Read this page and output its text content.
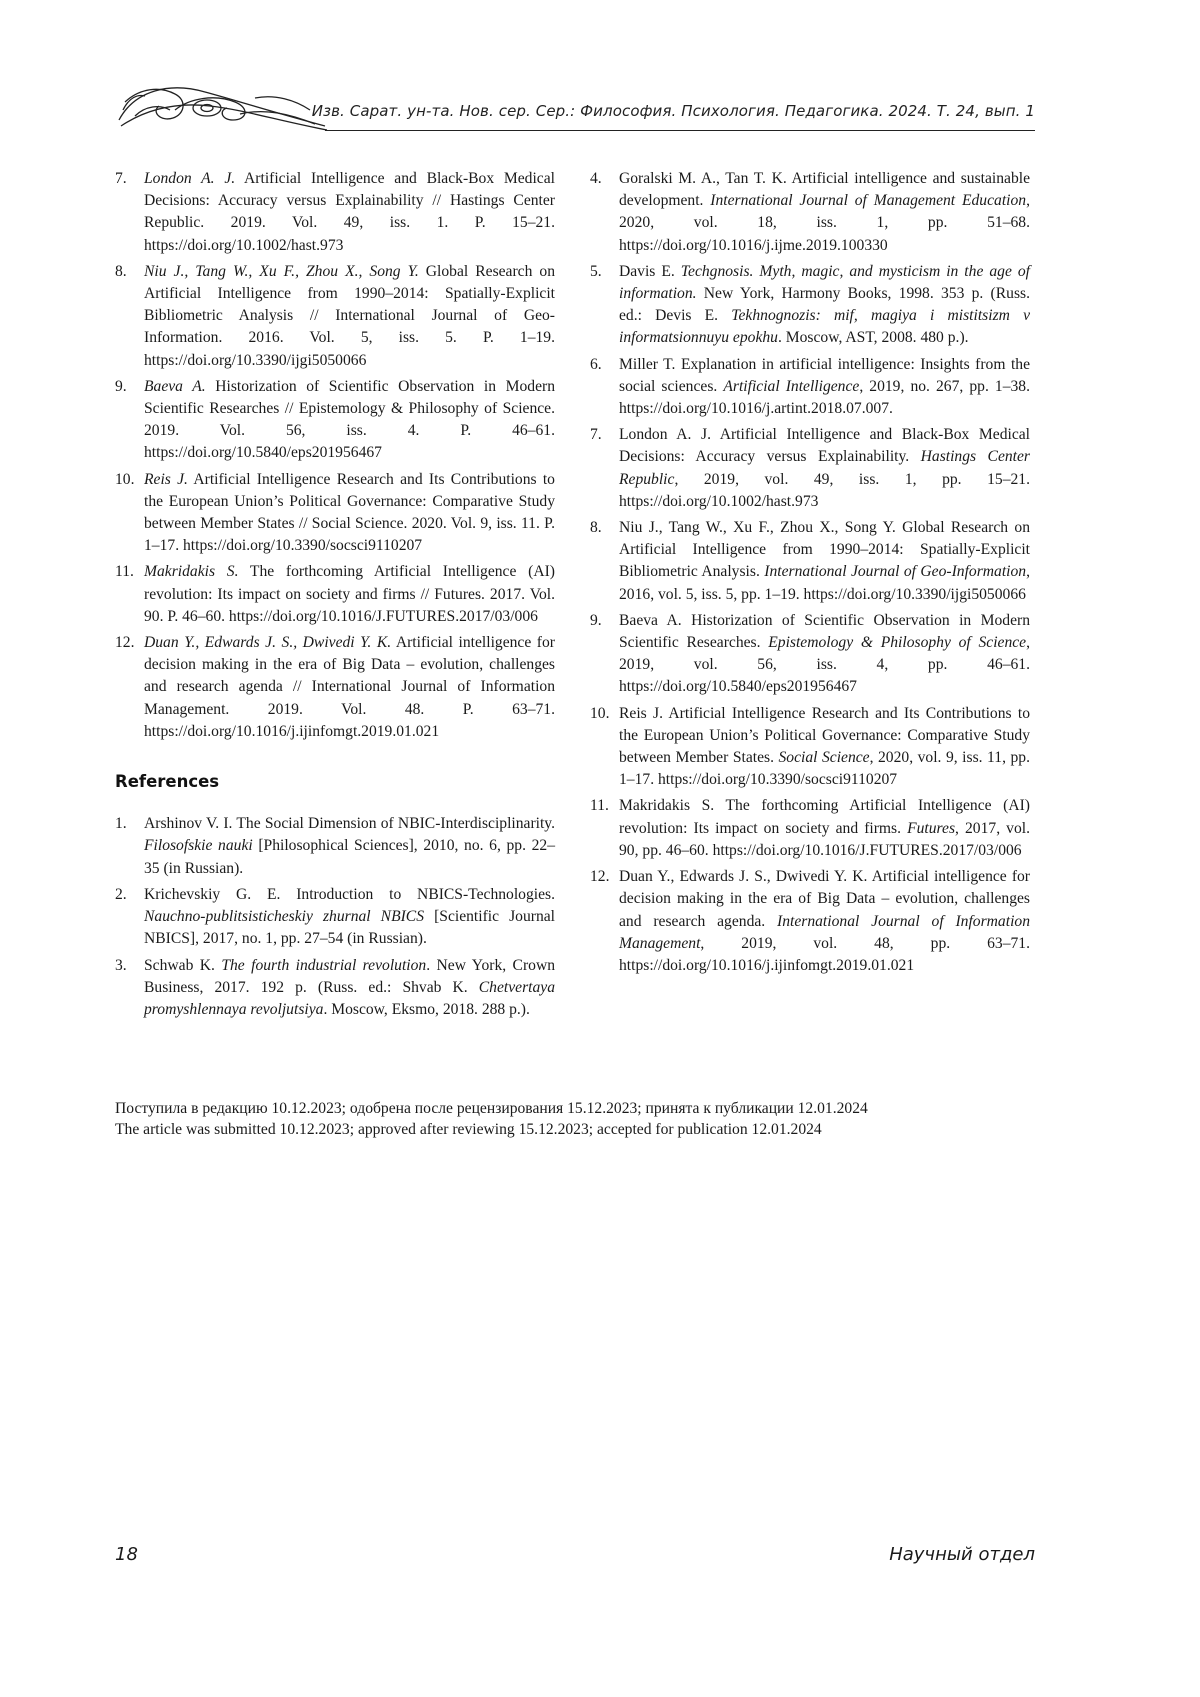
Изв. Сарат. ун-та. Нов. сер. Сер.: Философия. Психология. Педагогика. 2024. Т. 24, вып. 1
7. London A. J. Artificial Intelligence and Black-Box Medical Decisions: Accuracy versus Explainability // Hastings Center Republic. 2019. Vol. 49, iss. 1. P. 15–21. https://doi.org/10.1002/hast.973
8. Niu J., Tang W., Xu F., Zhou X., Song Y. Global Research on Artificial Intelligence from 1990–2014: Spatially-Explicit Bibliometric Analysis // International Journal of Geo-Information. 2016. Vol. 5, iss. 5. P. 1–19. https://doi.org/10.3390/ijgi5050066
9. Baeva A. Historization of Scientific Observation in Modern Scientific Researches // Epistemology & Philosophy of Science. 2019. Vol. 56, iss. 4. P. 46–61. https://doi.org/10.5840/eps201956467
10. Reis J. Artificial Intelligence Research and Its Contributions to the European Union’s Political Governance: Comparative Study between Member States // Social Science. 2020. Vol. 9, iss. 11. P. 1–17. https://doi.org/10.3390/socsci9110207
11. Makridakis S. The forthcoming Artificial Intelligence (AI) revolution: Its impact on society and firms // Futures. 2017. Vol. 90. P. 46–60. https://doi.org/10.1016/J.FUTURES.2017/03/006
12. Duan Y., Edwards J. S., Dwivedi Y. K. Artificial intelligence for decision making in the era of Big Data – evolution, challenges and research agenda // International Journal of Information Management. 2019. Vol. 48. P. 63–71. https://doi.org/10.1016/j.ijinfomgt.2019.01.021
References
1. Arshinov V. I. The Social Dimension of NBIC-Interdisciplinarity. Filosofskie nauki [Philosophical Sciences], 2010, no. 6, pp. 22–35 (in Russian).
2. Krichevskiy G. E. Introduction to NBICS-Technologies. Nauchno-publitsisticheskiy zhurnal NBICS [Scientific Journal NBICS], 2017, no. 1, pp. 27–54 (in Russian).
3. Schwab K. The fourth industrial revolution. New York, Crown Business, 2017. 192 p. (Russ. ed.: Shvab K. Chetvertaya promyshlennaya revoljutsiya. Moscow, Eksmo, 2018. 288 p.).
4. Goralski M. A., Tan T. K. Artificial intelligence and sustainable development. International Journal of Management Education, 2020, vol. 18, iss. 1, pp. 51–68. https://doi.org/10.1016/j.ijme.2019.100330
5. Davis E. Techgnosis. Myth, magic, and mysticism in the age of information. New York, Harmony Books, 1998. 353 p. (Russ. ed.: Devis E. Tekhnognozis: mif, magiya i mistitsizm v informatsionnuyu epokhu. Moscow, AST, 2008. 480 p.).
6. Miller T. Explanation in artificial intelligence: Insights from the social sciences. Artificial Intelligence, 2019, no. 267, pp. 1–38. https://doi.org/10.1016/j.artint.2018.07.007.
7. London A. J. Artificial Intelligence and Black-Box Medical Decisions: Accuracy versus Explainability. Hastings Center Republic, 2019, vol. 49, iss. 1, pp. 15–21. https://doi.org/10.1002/hast.973
8. Niu J., Tang W., Xu F., Zhou X., Song Y. Global Research on Artificial Intelligence from 1990–2014: Spatially-Explicit Bibliometric Analysis. International Journal of Geo-Information, 2016, vol. 5, iss. 5, pp. 1–19. https://doi.org/10.3390/ijgi5050066
9. Baeva A. Historization of Scientific Observation in Modern Scientific Researches. Epistemology & Philosophy of Science, 2019, vol. 56, iss. 4, pp. 46–61. https://doi.org/10.5840/eps201956467
10. Reis J. Artificial Intelligence Research and Its Contributions to the European Union’s Political Governance: Comparative Study between Member States. Social Science, 2020, vol. 9, iss. 11, pp. 1–17. https://doi.org/10.3390/socsci9110207
11. Makridakis S. The forthcoming Artificial Intelligence (AI) revolution: Its impact on society and firms. Futures, 2017, vol. 90, pp. 46–60. https://doi.org/10.1016/J.FUTURES.2017/03/006
12. Duan Y., Edwards J. S., Dwivedi Y. K. Artificial intelligence for decision making in the era of Big Data – evolution, challenges and research agenda. International Journal of Information Management, 2019, vol. 48, pp. 63–71. https://doi.org/10.1016/j.ijinfomgt.2019.01.021
Поступила в редакцию 10.12.2023; одобрена после рецензирования 15.12.2023; принята к публикации 12.01.2024
The article was submitted 10.12.2023; approved after reviewing 15.12.2023; accepted for publication 12.01.2024
18	Научный отдел
